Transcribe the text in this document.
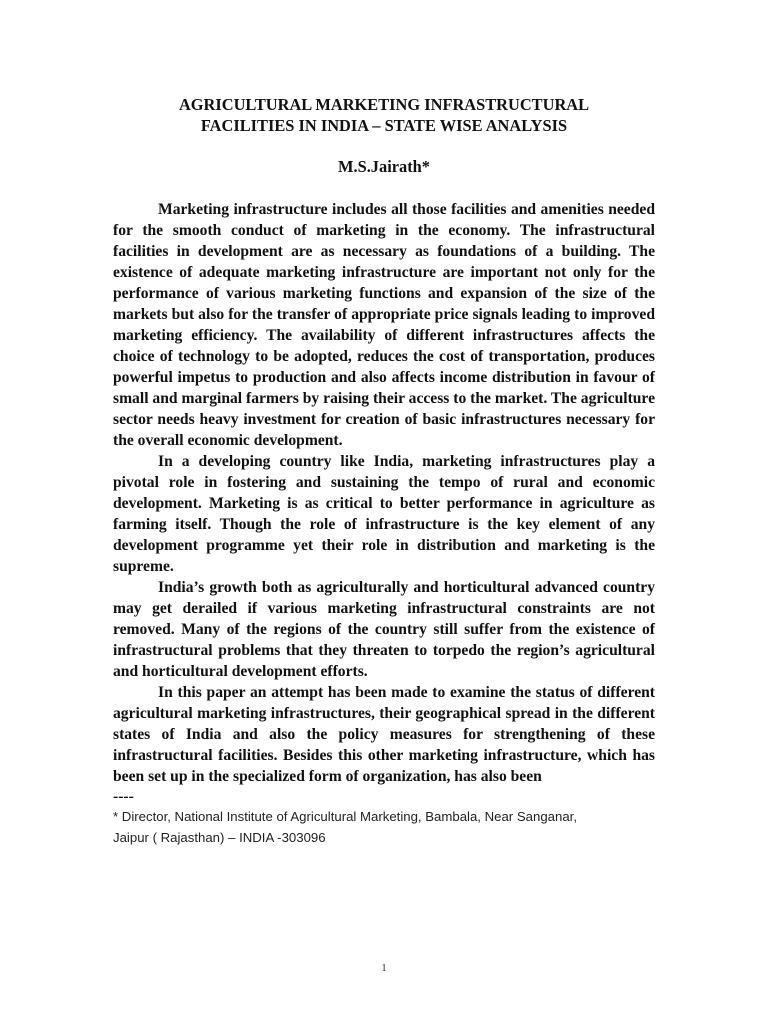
AGRICULTURAL MARKETING INFRASTRUCTURAL
FACILITIES IN INDIA – STATE WISE ANALYSIS
M.S.Jairath*

Marketing infrastructure includes all those facilities and amenities needed for the smooth conduct of marketing in the economy. The infrastructural facilities in development are as necessary as foundations of a building. The existence of adequate marketing infrastructure are important not only for the performance of various marketing functions and expansion of the size of the markets but also for the transfer of appropriate price signals leading to improved marketing efficiency. The availability of different infrastructures affects the choice of technology to be adopted, reduces the cost of transportation, produces powerful impetus to production and also affects income distribution in favour of small and marginal farmers by raising their access to the market. The agriculture sector needs heavy investment for creation of basic infrastructures necessary for the overall economic development.

In a developing country like India, marketing infrastructures play a pivotal role in fostering and sustaining the tempo of rural and economic development. Marketing is as critical to better performance in agriculture as farming itself. Though the role of infrastructure is the key element of any development programme yet their role in distribution and marketing is the supreme.

India’s growth both as agriculturally and horticultural advanced country may get derailed if various marketing infrastructural constraints are not removed. Many of the regions of the country still suffer from the existence of infrastructural problems that they threaten to torpedo the region’s agricultural and horticultural development efforts.

In this paper an attempt has been made to examine the status of different agricultural marketing infrastructures, their geographical spread in the different states of India and also the policy measures for strengthening of these infrastructural facilities. Besides this other marketing infrastructure, which has been set up in the specialized form of organization, has also been

----
* Director, National Institute of Agricultural Marketing, Bambala, Near Sanganar,
Jaipur ( Rajasthan) – INDIA -303096
1
